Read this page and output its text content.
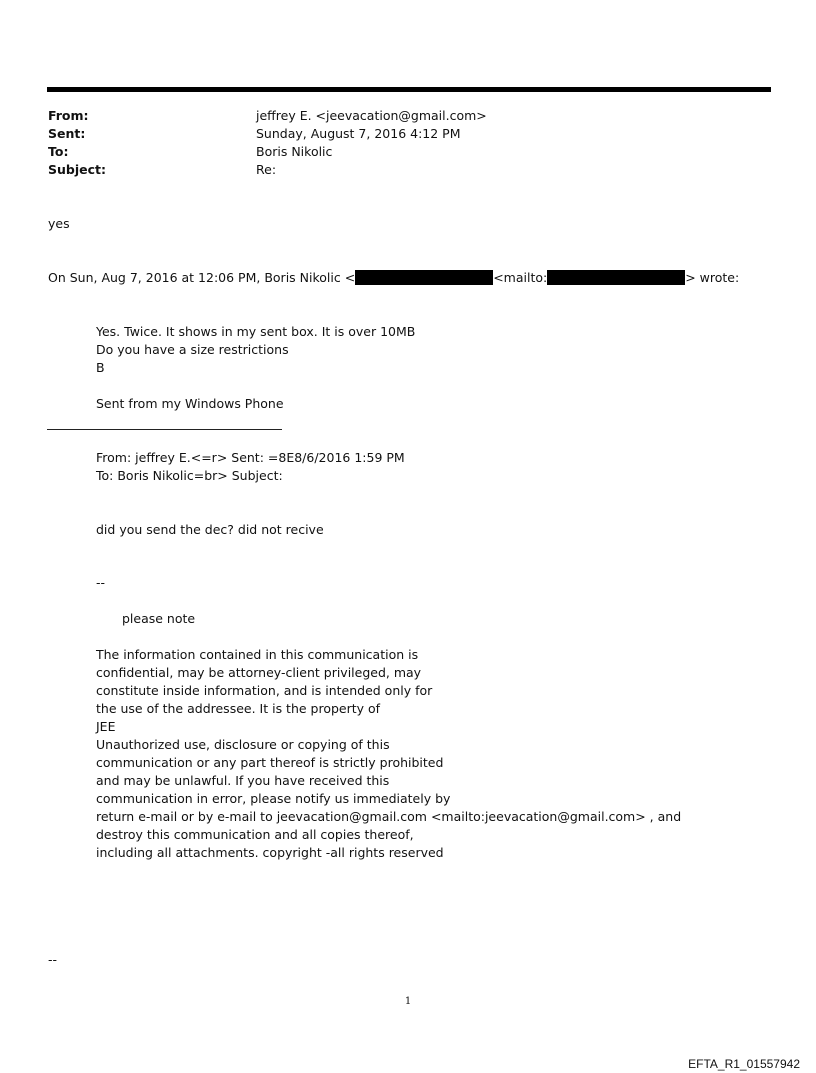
From:	jeffrey E. <jeevacation@gmail.com>
Sent:	Sunday, August 7, 2016 4:12 PM
To:	Boris Nikolic
Subject:	Re:
yes
On Sun, Aug 7, 2016 at 12:06 PM, Boris Nikolic <	<mailto:	> wrote:
Yes. Twice. It shows in my sent box. It is over 10MB
Do you have a size restrictions
B
Sent from my Windows Phone
From: jeffrey E.<=r> Sent: =8E8/6/2016 1:59 PM
To: Boris Nikolic=br> Subject:
did you send the dec? did not recive
--
please note
The information contained in this communication is
confidential, may be attorney-client privileged, may
constitute inside information, and is intended only for
the use of the addressee. It is the property of
JEE
Unauthorized use, disclosure or copying of this
communication or any part thereof is strictly prohibited
and may be unlawful. If you have received this
communication in error, please notify us immediately by
return e-mail or by e-mail to jeevacation@gmail.com <mailto:jeevacation@gmail.com> , and
destroy this communication and all copies thereof,
including all attachments. copyright -all rights reserved
--
1
EFTA_R1_01557942
